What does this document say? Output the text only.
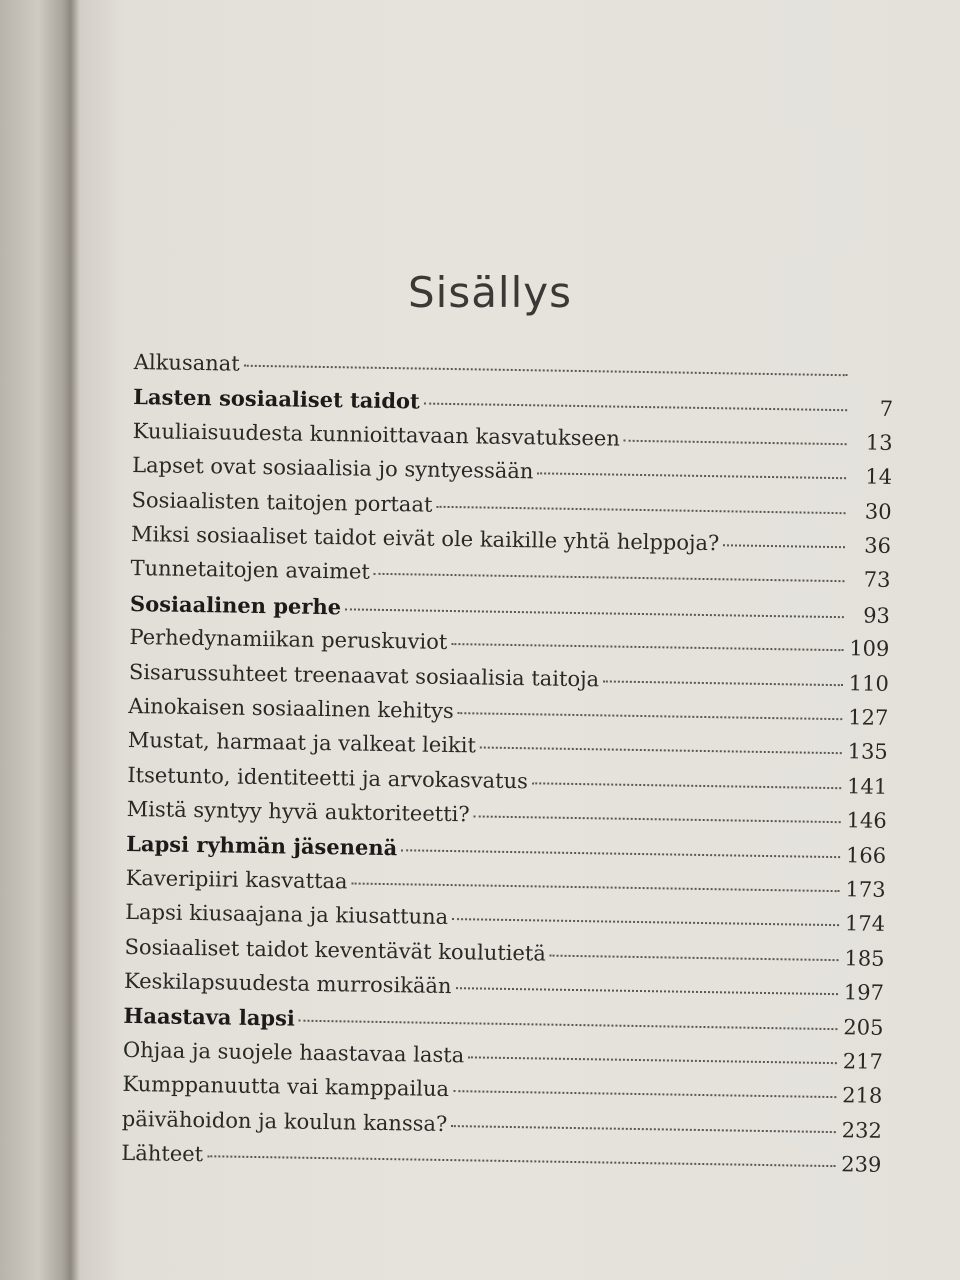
Sisällys
Alkusanat
Lasten sosiaaliset taidot	7
Kuuliaisuudesta kunnioittavaan kasvatukseen	13
Lapset ovat sosiaalisia jo syntyessään	14
Sosiaalisten taitojen portaat	30
Miksi sosiaaliset taidot eivät ole kaikille yhtä helppoja?	36
Tunnetaitojen avaimet	73
Sosiaalinen perhe	93
Perhedynamiikan peruskuviot	109
Sisarussuhteet treenaavat sosiaalisia taitoja	110
Ainokaisen sosiaalinen kehitys	127
Mustat, harmaat ja valkeat leikit	135
Itsetunto, identiteetti ja arvokasvatus	141
Mistä syntyy hyvä auktoriteetti?	146
Lapsi ryhmän jäsenenä	166
Kaveripiiri kasvattaa	173
Lapsi kiusaajana ja kiusattuna	174
Sosiaaliset taidot keventävät koulutietä	185
Keskilapsuudesta murrosikään	197
Haastava lapsi	205
Ohjaa ja suojele haastavaa lasta	217
Kumppanuutta vai kamppailua	218
päivähoidon ja koulun kanssa?	232
Lähteet	239
